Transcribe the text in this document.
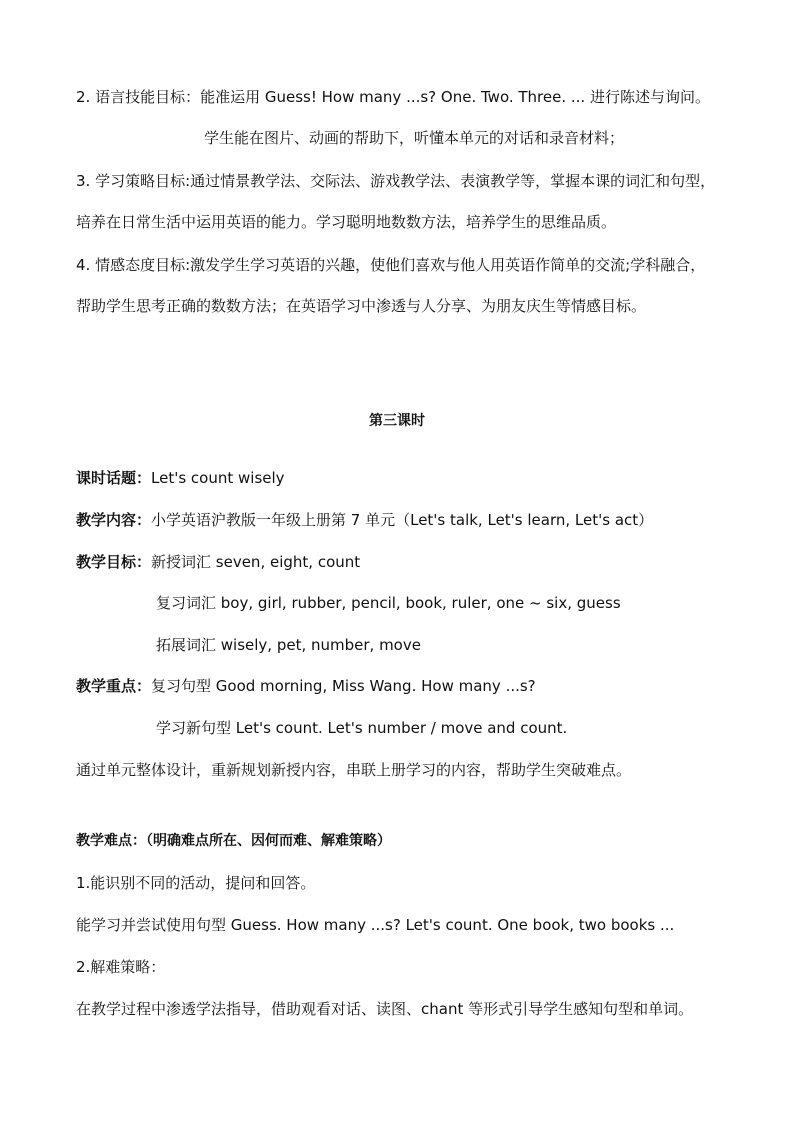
2. 语言技能目标：能准运用 Guess! How many ...s? One. Two. Three. ... 进行陈述与询问。
学生能在图片、动画的帮助下，听懂本单元的对话和录音材料；
3. 学习策略目标:通过情景教学法、交际法、游戏教学法、表演教学等，掌握本课的词汇和句型，
培养在日常生活中运用英语的能力。学习聪明地数数方法，培养学生的思维品质。
4. 情感态度目标:激发学生学习英语的兴趣，使他们喜欢与他人用英语作简单的交流;学科融合，
帮助学生思考正确的数数方法；在英语学习中渗透与人分享、为朋友庆生等情感目标。
第三课时
课时话题：Let's count wisely
教学内容：小学英语沪教版一年级上册第 7 单元（Let's talk, Let's learn, Let's act）
教学目标：新授词汇 seven, eight, count
复习词汇 boy, girl, rubber, pencil, book, ruler, one ~ six, guess
拓展词汇 wisely, pet, number, move
教学重点：复习句型 Good morning, Miss Wang. How many ...s?
学习新句型 Let's count. Let's number / move and count.
通过单元整体设计，重新规划新授内容，串联上册学习的内容，帮助学生突破难点。
教学难点：（明确难点所在、因何而难、解难策略）
1.能识别不同的活动，提问和回答。
能学习并尝试使用句型 Guess. How many ...s? Let's count. One book, two books ...
2.解难策略：
在教学过程中渗透学法指导，借助观看对话、读图、chant 等形式引导学生感知句型和单词。
